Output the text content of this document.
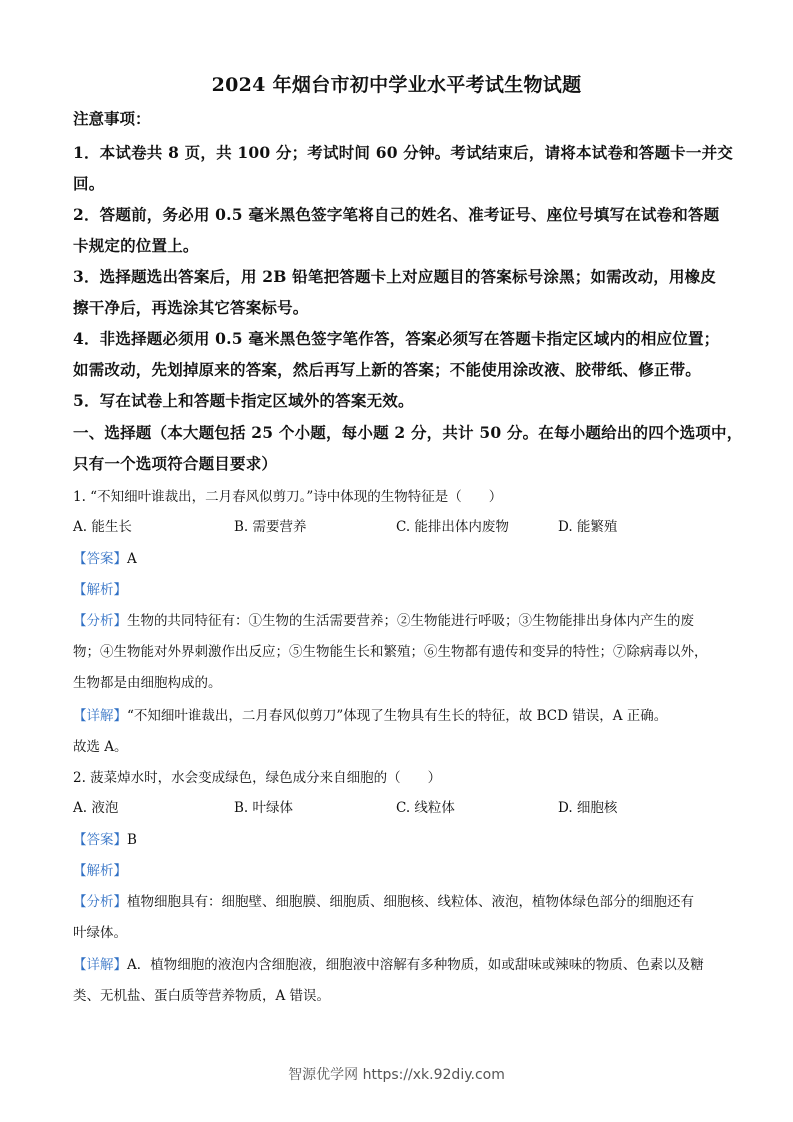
2024 年烟台市初中学业水平考试生物试题
注意事项：
1．本试卷共 8 页，共 100 分；考试时间 60 分钟。考试结束后，请将本试卷和答题卡一并交
回。
2．答题前，务必用 0.5 毫米黑色签字笔将自己的姓名、准考证号、座位号填写在试卷和答题
卡规定的位置上。
3．选择题选出答案后，用 2B 铅笔把答题卡上对应题目的答案标号涂黑；如需改动，用橡皮
擦干净后，再选涂其它答案标号。
4．非选择题必须用 0.5 毫米黑色签字笔作答，答案必须写在答题卡指定区域内的相应位置；
如需改动，先划掉原来的答案，然后再写上新的答案；不能使用涂改液、胶带纸、修正带。
5．写在试卷上和答题卡指定区域外的答案无效。
一、选择题（本大题包括 25 个小题，每小题 2 分，共计 50 分。在每小题给出的四个选项中，
只有一个选项符合题目要求）
1. “不知细叶谁裁出，二月春风似剪刀。”诗中体现的生物特征是（　　）
A. 能生长	B. 需要营养	C. 能排出体内废物	D. 能繁殖
【答案】A
【解析】
【分析】生物的共同特征有：①生物的生活需要营养；②生物能进行呼吸；③生物能排出身体内产生的废
物；④生物能对外界刺激作出反应；⑤生物能生长和繁殖；⑥生物都有遗传和变异的特性；⑦除病毒以外，
生物都是由细胞构成的。
【详解】“不知细叶谁裁出，二月春风似剪刀”体现了生物具有生长的特征，故 BCD 错误，A 正确。
故选 A。
2. 菠菜焯水时，水会变成绿色，绿色成分来自细胞的（　　）
A. 液泡	B. 叶绿体	C. 线粒体	D. 细胞核
【答案】B
【解析】
【分析】植物细胞具有：细胞壁、细胞膜、细胞质、细胞核、线粒体、液泡，植物体绿色部分的细胞还有
叶绿体。
【详解】A．植物细胞的液泡内含细胞液，细胞液中溶解有多种物质，如或甜味或辣味的物质、色素以及糖
类、无机盐、蛋白质等营养物质，A 错误。
智源优学网 https://xk.92diy.com
